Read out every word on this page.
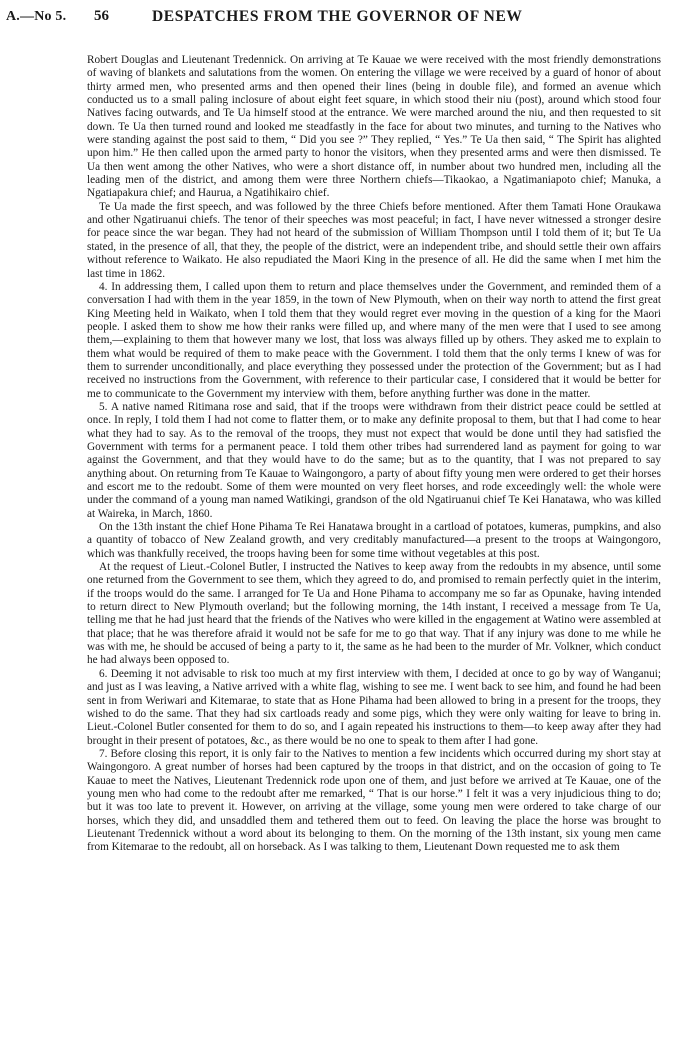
A.—No 5. 56	DESPATCHES FROM THE GOVERNOR OF NEW

Robert Douglas and Lieutenant Tredennick. On arriving at Te Kauae we were received with the most friendly demonstrations of waving of blankets and salutations from the women. On entering the village we were received by a guard of honor of about thirty armed men, who presented arms and then opened their lines (being in double file), and formed an avenue which conducted us to a small paling inclosure of about eight feet square, in which stood their niu (post), around which stood four Natives facing outwards, and Te Ua himself stood at the entrance. We were marched around the niu, and then requested to sit down. Te Ua then turned round and looked me steadfastly in the face for about two minutes, and turning to the Natives who were standing against the post said to them, “ Did you see ?” They replied, “ Yes.” Te Ua then said, “ The Spirit has alighted upon him.” He then called upon the armed party to honor the visitors, when they presented arms and were then dismissed. Te Ua then went among the other Natives, who were a short distance off, in number about two hundred men, including all the leading men of the district, and among them were three Northern chiefs—Tikaokao, a Ngatimaniapoto chief; Manuka, a Ngatiapakura chief; and Haurua, a Ngatihikairo chief.

Te Ua made the first speech, and was followed by the three Chiefs before mentioned. After them Tamati Hone Oraukawa and other Ngatiruanui chiefs. The tenor of their speeches was most peaceful; in fact, I have never witnessed a stronger desire for peace since the war began. They had not heard of the submission of William Thompson until I told them of it; but Te Ua stated, in the presence of all, that they, the people of the district, were an independent tribe, and should settle their own affairs without reference to Waikato. He also repudiated the Maori King in the presence of all. He did the same when I met him the last time in 1862.

4. In addressing them, I called upon them to return and place themselves under the Government, and reminded them of a conversation I had with them in the year 1859, in the town of New Plymouth, when on their way north to attend the first great King Meeting held in Waikato, when I told them that they would regret ever moving in the question of a king for the Maori people. I asked them to show me how their ranks were filled up, and where many of the men were that I used to see among them,—explaining to them that however many we lost, that loss was always filled up by others. They asked me to explain to them what would be required of them to make peace with the Government. I told them that the only terms I knew of was for them to surrender unconditionally, and place everything they possessed under the protection of the Government; but as I had received no instructions from the Government, with reference to their particular case, I considered that it would be better for me to communicate to the Government my interview with them, before anything further was done in the matter.

5. A native named Ritimana rose and said, that if the troops were withdrawn from their district peace could be settled at once. In reply, I told them I had not come to flatter them, or to make any definite proposal to them, but that I had come to hear what they had to say. As to the removal of the troops, they must not expect that would be done until they had satisfied the Government with terms for a permanent peace. I told them other tribes had surrendered land as payment for going to war against the Government, and that they would have to do the same; but as to the quantity, that I was not prepared to say anything about. On returning from Te Kauae to Waingongoro, a party of about fifty young men were ordered to get their horses and escort me to the redoubt. Some of them were mounted on very fleet horses, and rode exceedingly well: the whole were under the command of a young man named Watikingi, grandson of the old Ngatiruanui chief Te Kei Hanatawa, who was killed at Waireka, in March, 1860.

On the 13th instant the chief Hone Pihama Te Rei Hanatawa brought in a cartload of potatoes, kumeras, pumpkins, and also a quantity of tobacco of New Zealand growth, and very creditably manufactured—a present to the troops at Waingongoro, which was thankfully received, the troops having been for some time without vegetables at this post.

At the request of Lieut.-Colonel Butler, I instructed the Natives to keep away from the redoubts in my absence, until some one returned from the Government to see them, which they agreed to do, and promised to remain perfectly quiet in the interim, if the troops would do the same. I arranged for Te Ua and Hone Pihama to accompany me so far as Opunake, having intended to return direct to New Plymouth overland; but the following morning, the 14th instant, I received a message from Te Ua, telling me that he had just heard that the friends of the Natives who were killed in the engagement at Watino were assembled at that place; that he was therefore afraid it would not be safe for me to go that way. That if any injury was done to me while he was with me, he should be accused of being a party to it, the same as he had been to the murder of Mr. Volkner, which conduct he had always been opposed to.

6. Deeming it not advisable to risk too much at my first interview with them, I decided at once to go by way of Wanganui; and just as I was leaving, a Native arrived with a white flag, wishing to see me. I went back to see him, and found he had been sent in from Weriwari and Kitemarae, to state that as Hone Pihama had been allowed to bring in a present for the troops, they wished to do the same. That they had six cartloads ready and some pigs, which they were only waiting for leave to bring in. Lieut.-Colonel Butler consented for them to do so, and I again repeated his instructions to them—to keep away after they had brought in their present of potatoes, &c., as there would be no one to speak to them after I had gone.

7. Before closing this report, it is only fair to the Natives to mention a few incidents which occurred during my short stay at Waingongoro. A great number of horses had been captured by the troops in that district, and on the occasion of going to Te Kauae to meet the Natives, Lieutenant Tredennick rode upon one of them, and just before we arrived at Te Kauae, one of the young men who had come to the redoubt after me remarked, “ That is our horse.” I felt it was a very injudicious thing to do; but it was too late to prevent it. However, on arriving at the village, some young men were ordered to take charge of our horses, which they did, and unsaddled them and tethered them out to feed. On leaving the place the horse was brought to Lieutenant Tredennick without a word about its belonging to them. On the morning of the 13th instant, six young men came from Kitemarae to the redoubt, all on horseback. As I was talking to them, Lieutenant Down requested me to ask them
